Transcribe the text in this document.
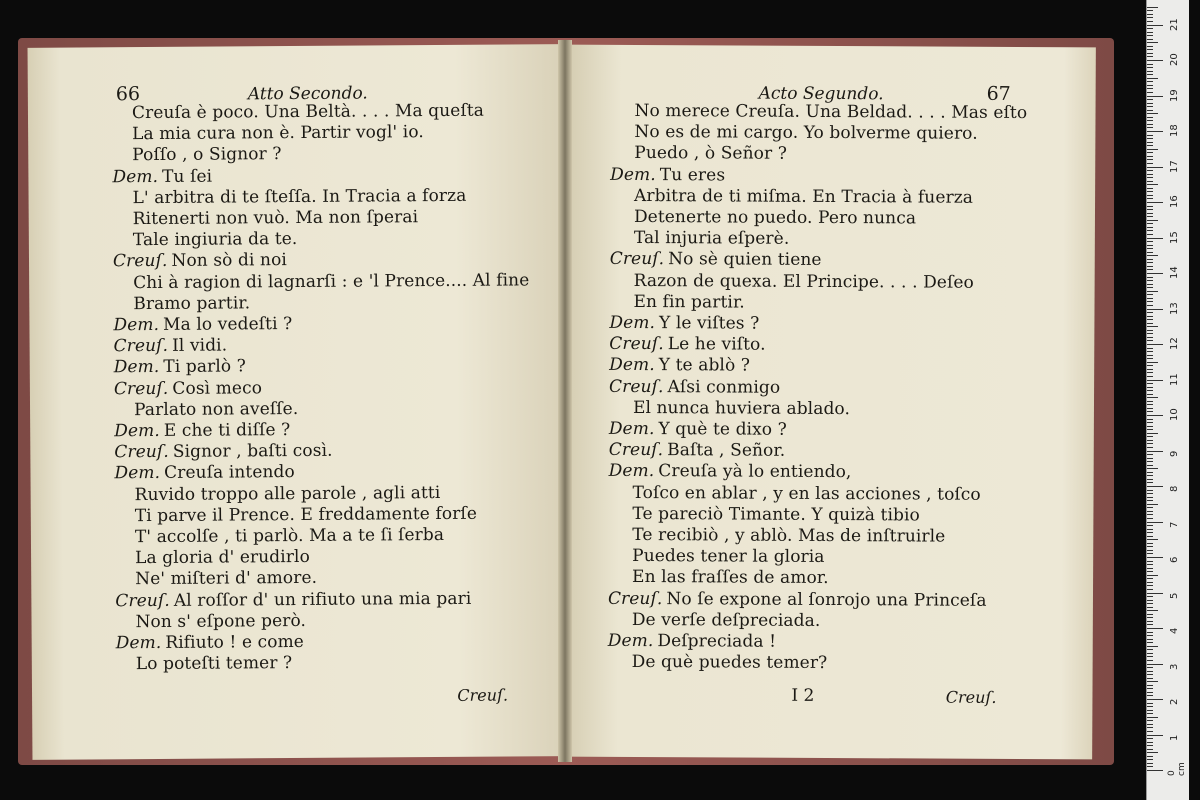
66	Atto Secondo.
Creuſa è poco. Una Beltà. . . . Ma queſta
La mia cura non è. Partir vogl' io.
Poſſo , o Signor ?
Dem. Tu ſei
L' arbitra di te ſteſſa. In Tracia a forza
Ritenerti non vuò. Ma non ſperai
Tale ingiuria da te.
Creuſ. Non sò di noi
Chi à ragion di lagnarſi : e 'l Prence.... Al fine
Bramo partir.
Dem. Ma lo vedeſti ?
Creuſ. Il vidi.
Dem. Ti parlò ?
Creuſ. Così meco
Parlato non aveſſe.
Dem. E che ti diſſe ?
Creuſ. Signor , baſti così.
Dem. Creuſa intendo
Ruvido troppo alle parole , agli atti
Ti parve il Prence. E freddamente forſe
T' accolſe , ti parlò. Ma a te ſi ſerba
La gloria d' erudirlo
Ne' miſteri d' amore.
Creuſ. Al roſſor d' un rifiuto una mia pari
Non s' eſpone però.
Dem. Rifiuto ! e come
Lo poteſti temer ?
Creuſ.
Acto Segundo.	67
No merece Creuſa. Una Beldad. . . . Mas eſto
No es de mi cargo. Yo bolverme quiero.
Puedo , ò Señor ?
Dem. Tu eres
Arbitra de ti miſma. En Tracia à fuerza
Detenerte no puedo. Pero nunca
Tal injuria eſperè.
Creuſ. No sè quien tiene
Razon de quexa. El Principe. . . . Deſeo
En fin partir.
Dem. Y le viſtes ?
Creuſ. Le he viſto.
Dem. Y te ablò ?
Creuſ. Aſsi conmigo
El nunca huviera ablado.
Dem. Y què te dixo ?
Creuſ. Baſta , Señor.
Dem. Creuſa yà lo entiendo,
Toſco en ablar , y en las acciones , toſco
Te pareciò Timante. Y quizà tibio
Te recibiò , y ablò. Mas de inſtruirle
Puedes tener la gloria
En las fraſſes de amor.
Creuſ. No ſe expone al ſonrojo una Princeſa
De verſe deſpreciada.
Dem. Deſpreciada !
De què puedes temer?
I 2	Creuſ.
0 cm
1
2
3
4
5
6
7
8
9
10
11
12
13
14
15
16
17
18
19
20
21
